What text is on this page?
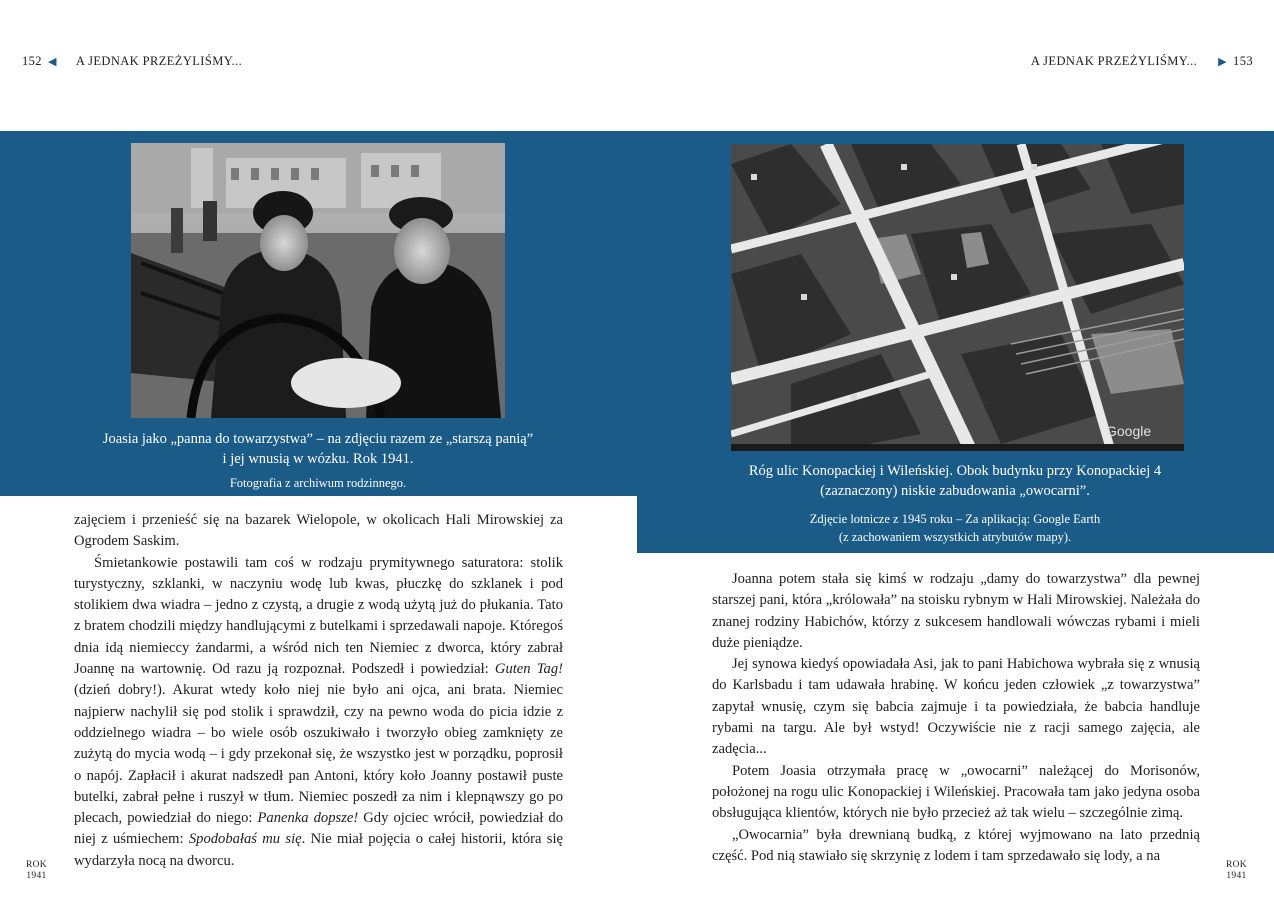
152 ◀ A JEDNAK PRZEŻYLIŚMY...	A JEDNAK PRZEŻYLIŚMY... ▶ 153
Joasia jako „panna do towarzystwa” – na zdjęciu razem ze „starszą panią”
i jej wnusią w wózku. Rok 1941.
Fotografia z archiwum rodzinnego.
Google
Róg ulic Konopackiej i Wileńskiej. Obok budynku przy Konopackiej 4
(zaznaczony) niskie zabudowania „owocarni”.
Zdjęcie lotnicze z 1945 roku – Za aplikacją: Google Earth
(z zachowaniem wszystkich atrybutów mapy).

zajęciem i przenieść się na bazarek Wielopole, w okolicach Hali Mirowskiej za Ogrodem Saskim.

Śmietankowie postawili tam coś w rodzaju prymitywnego saturatora: stolik turystyczny, szklanki, w naczyniu wodę lub kwas, płuczkę do szklanek i pod stolikiem dwa wiadra – jedno z czystą, a drugie z wodą użytą już do płukania. Tato z bratem chodzili między handlującymi z butelkami i sprzedawali napoje. Któregoś dnia idą niemieccy żandarmi, a wśród nich ten Niemiec z dworca, który zabrał Joannę na wartownię. Od razu ją rozpoznał. Podszedł i powiedział: Guten Tag! (dzień dobry!). Akurat wtedy koło niej nie było ani ojca, ani brata. Niemiec najpierw nachylił się pod stolik i sprawdził, czy na pewno woda do picia idzie z oddzielnego wiadra – bo wiele osób oszukiwało i tworzyło obieg zamknięty ze zużytą do mycia wodą – i gdy przekonał się, że wszystko jest w porządku, poprosił o napój. Zapłacił i akurat nadszedł pan Antoni, który koło Joanny postawił puste butelki, zabrał pełne i ruszył w tłum. Niemiec poszedł za nim i klepnąwszy go po plecach, powiedział do niego: Panenka dopsze! Gdy ojciec wrócił, powiedział do niej z uśmiechem: Spodobałaś mu się. Nie miał pojęcia o całej historii, która się wydarzyła nocą na dworcu.

Joanna potem stała się kimś w rodzaju „damy do towarzystwa” dla pewnej starszej pani, która „królowała” na stoisku rybnym w Hali Mirowskiej. Należała do znanej rodziny Habichów, którzy z sukcesem handlowali wówczas rybami i mieli duże pieniądze.

Jej synowa kiedyś opowiadała Asi, jak to pani Habichowa wybrała się z wnusią do Karlsbadu i tam udawała hrabinę. W końcu jeden człowiek „z towarzystwa” zapytał wnusię, czym się babcia zajmuje i ta powiedziała, że babcia handluje rybami na targu. Ale był wstyd! Oczywiście nie z racji samego zajęcia, ale zadęcia...

Potem Joasia otrzymała pracę w „owocarni” należącej do Morisonów, położonej na rogu ulic Konopackiej i Wileńskiej. Pracowała tam jako jedyna osoba obsługująca klientów, których nie było przecież aż tak wielu – szczególnie zimą.

„Owocarnia” była drewnianą budką, z której wyjmowano na lato przednią część. Pod nią stawiało się skrzynię z lodem i tam sprzedawało się lody, a na

ROK
1941
ROK
1941
